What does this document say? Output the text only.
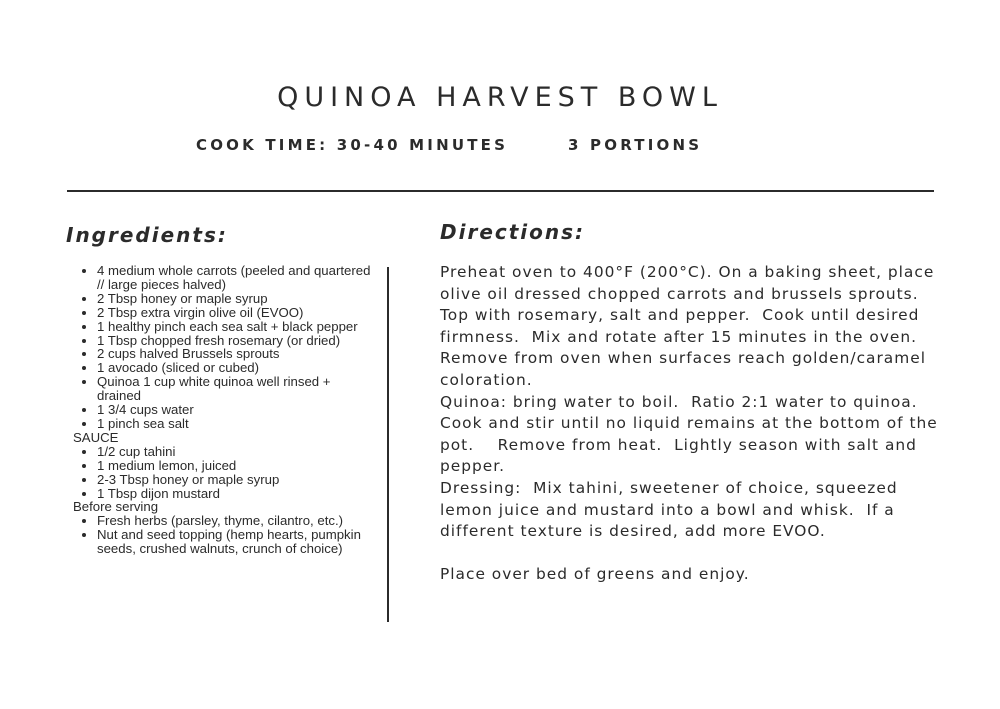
QUINOA HARVEST BOWL
COOK TIME: 30-40 MINUTES	3 PORTIONS
Ingredients:	Directions:
• 4 medium whole carrots (peeled and quartered // large pieces halved)
• 2 Tbsp honey or maple syrup
• 2 Tbsp extra virgin olive oil (EVOO)
• 1 healthy pinch each sea salt + black pepper
• 1 Tbsp chopped fresh rosemary (or dried)
• 2 cups halved Brussels sprouts
• 1 avocado (sliced or cubed)
• Quinoa 1 cup white quinoa well rinsed + drained
• 1 3/4 cups water
• 1 pinch sea salt
SAUCE
• 1/2 cup tahini
• 1 medium lemon, juiced
• 2-3 Tbsp honey or maple syrup
• 1 Tbsp dijon mustard
Before serving
• Fresh herbs (parsley, thyme, cilantro, etc.)
• Nut and seed topping (hemp hearts, pumpkin seeds, crushed walnuts, crunch of choice)

Preheat oven to 400°F (200°C). On a baking sheet, place olive oil dressed chopped carrots and brussels sprouts.  Top with rosemary, salt and pepper.  Cook until desired firmness.  Mix and rotate after 15 minutes in the oven.  Remove from oven when surfaces reach golden/caramel coloration.

Quinoa: bring water to boil.  Ratio 2:1 water to quinoa.  Cook and stir until no liquid remains at the bottom of the pot.    Remove from heat.  Lightly season with salt and pepper.

Dressing:  Mix tahini, sweetener of choice, squeezed lemon juice and mustard into a bowl and whisk.  If a different texture is desired, add more EVOO.

Place over bed of greens and enjoy.
